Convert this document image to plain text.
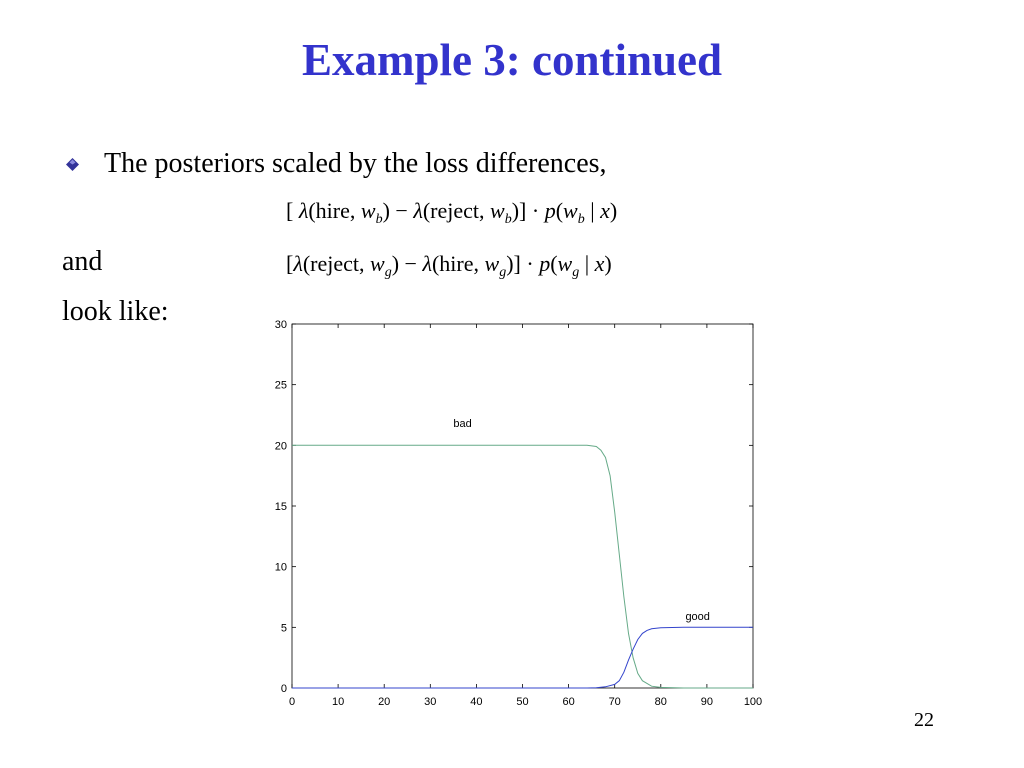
Example 3: continued
The posteriors scaled by the loss differences,
[ λ(hire, $w_b$) − λ(reject, $w_b)] \cdot p(w_b$ | x)
and	[λ(reject, $w_g$) − λ(hire, $w_g)] \cdot p(w_g$ | x)
look like:
0	10	20	30	40	50	60	70	80	90	100
0
5
10
15
20
25
30
bad
good
22
